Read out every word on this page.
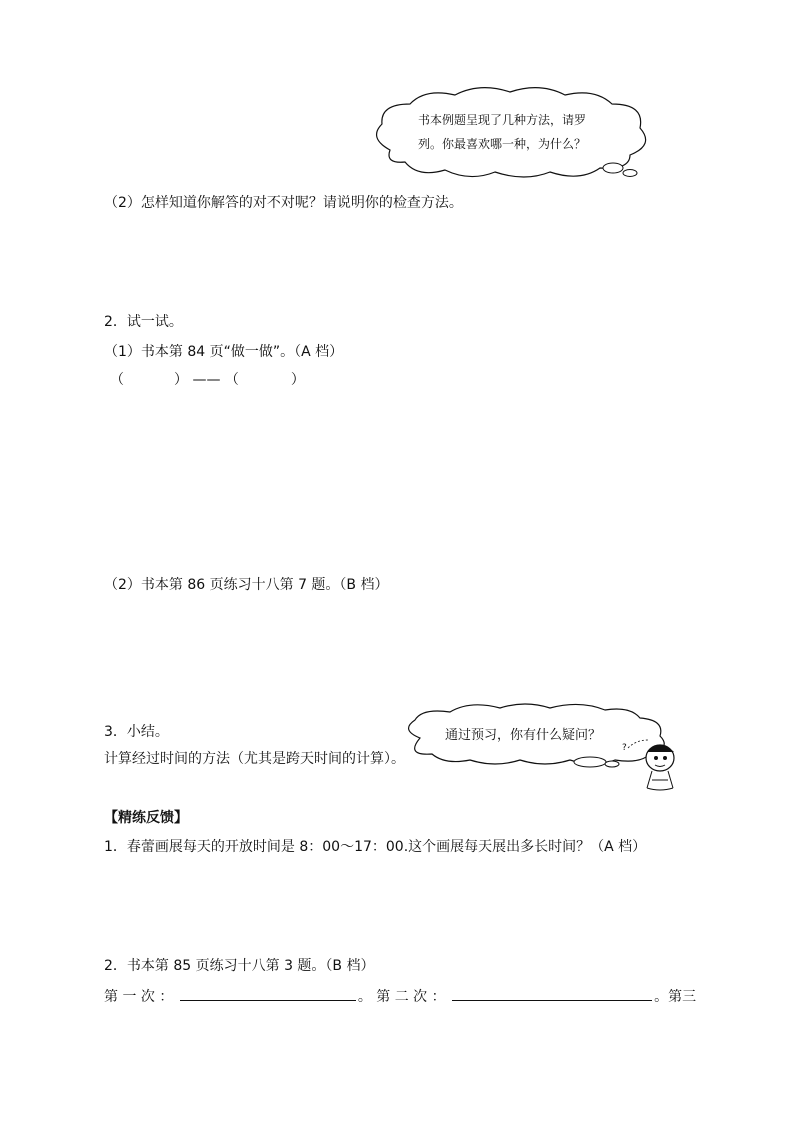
书本例题呈现了几种方法，请罗
列。你最喜欢哪一种，为什么？
（2）怎样知道你解答的对不对呢？请说明你的检查方法。
2．试一试。
（1）书本第 84 页“做一做”。（A 档）
（	） —— （	）
（2）书本第 86 页练习十八第 7 题。（B 档）
通过预习，你有什么疑问？
?
3．小结。
计算经过时间的方法（尤其是跨天时间的计算）。
【精练反馈】
1．春蕾画展每天的开放时间是 8：00～17：00.这个画展每天展出多长时间？（A 档）
2．书本第 85 页练习十八第 3 题。（B 档）
第 一 次 ：	。 第 二 次 ：	。第三
